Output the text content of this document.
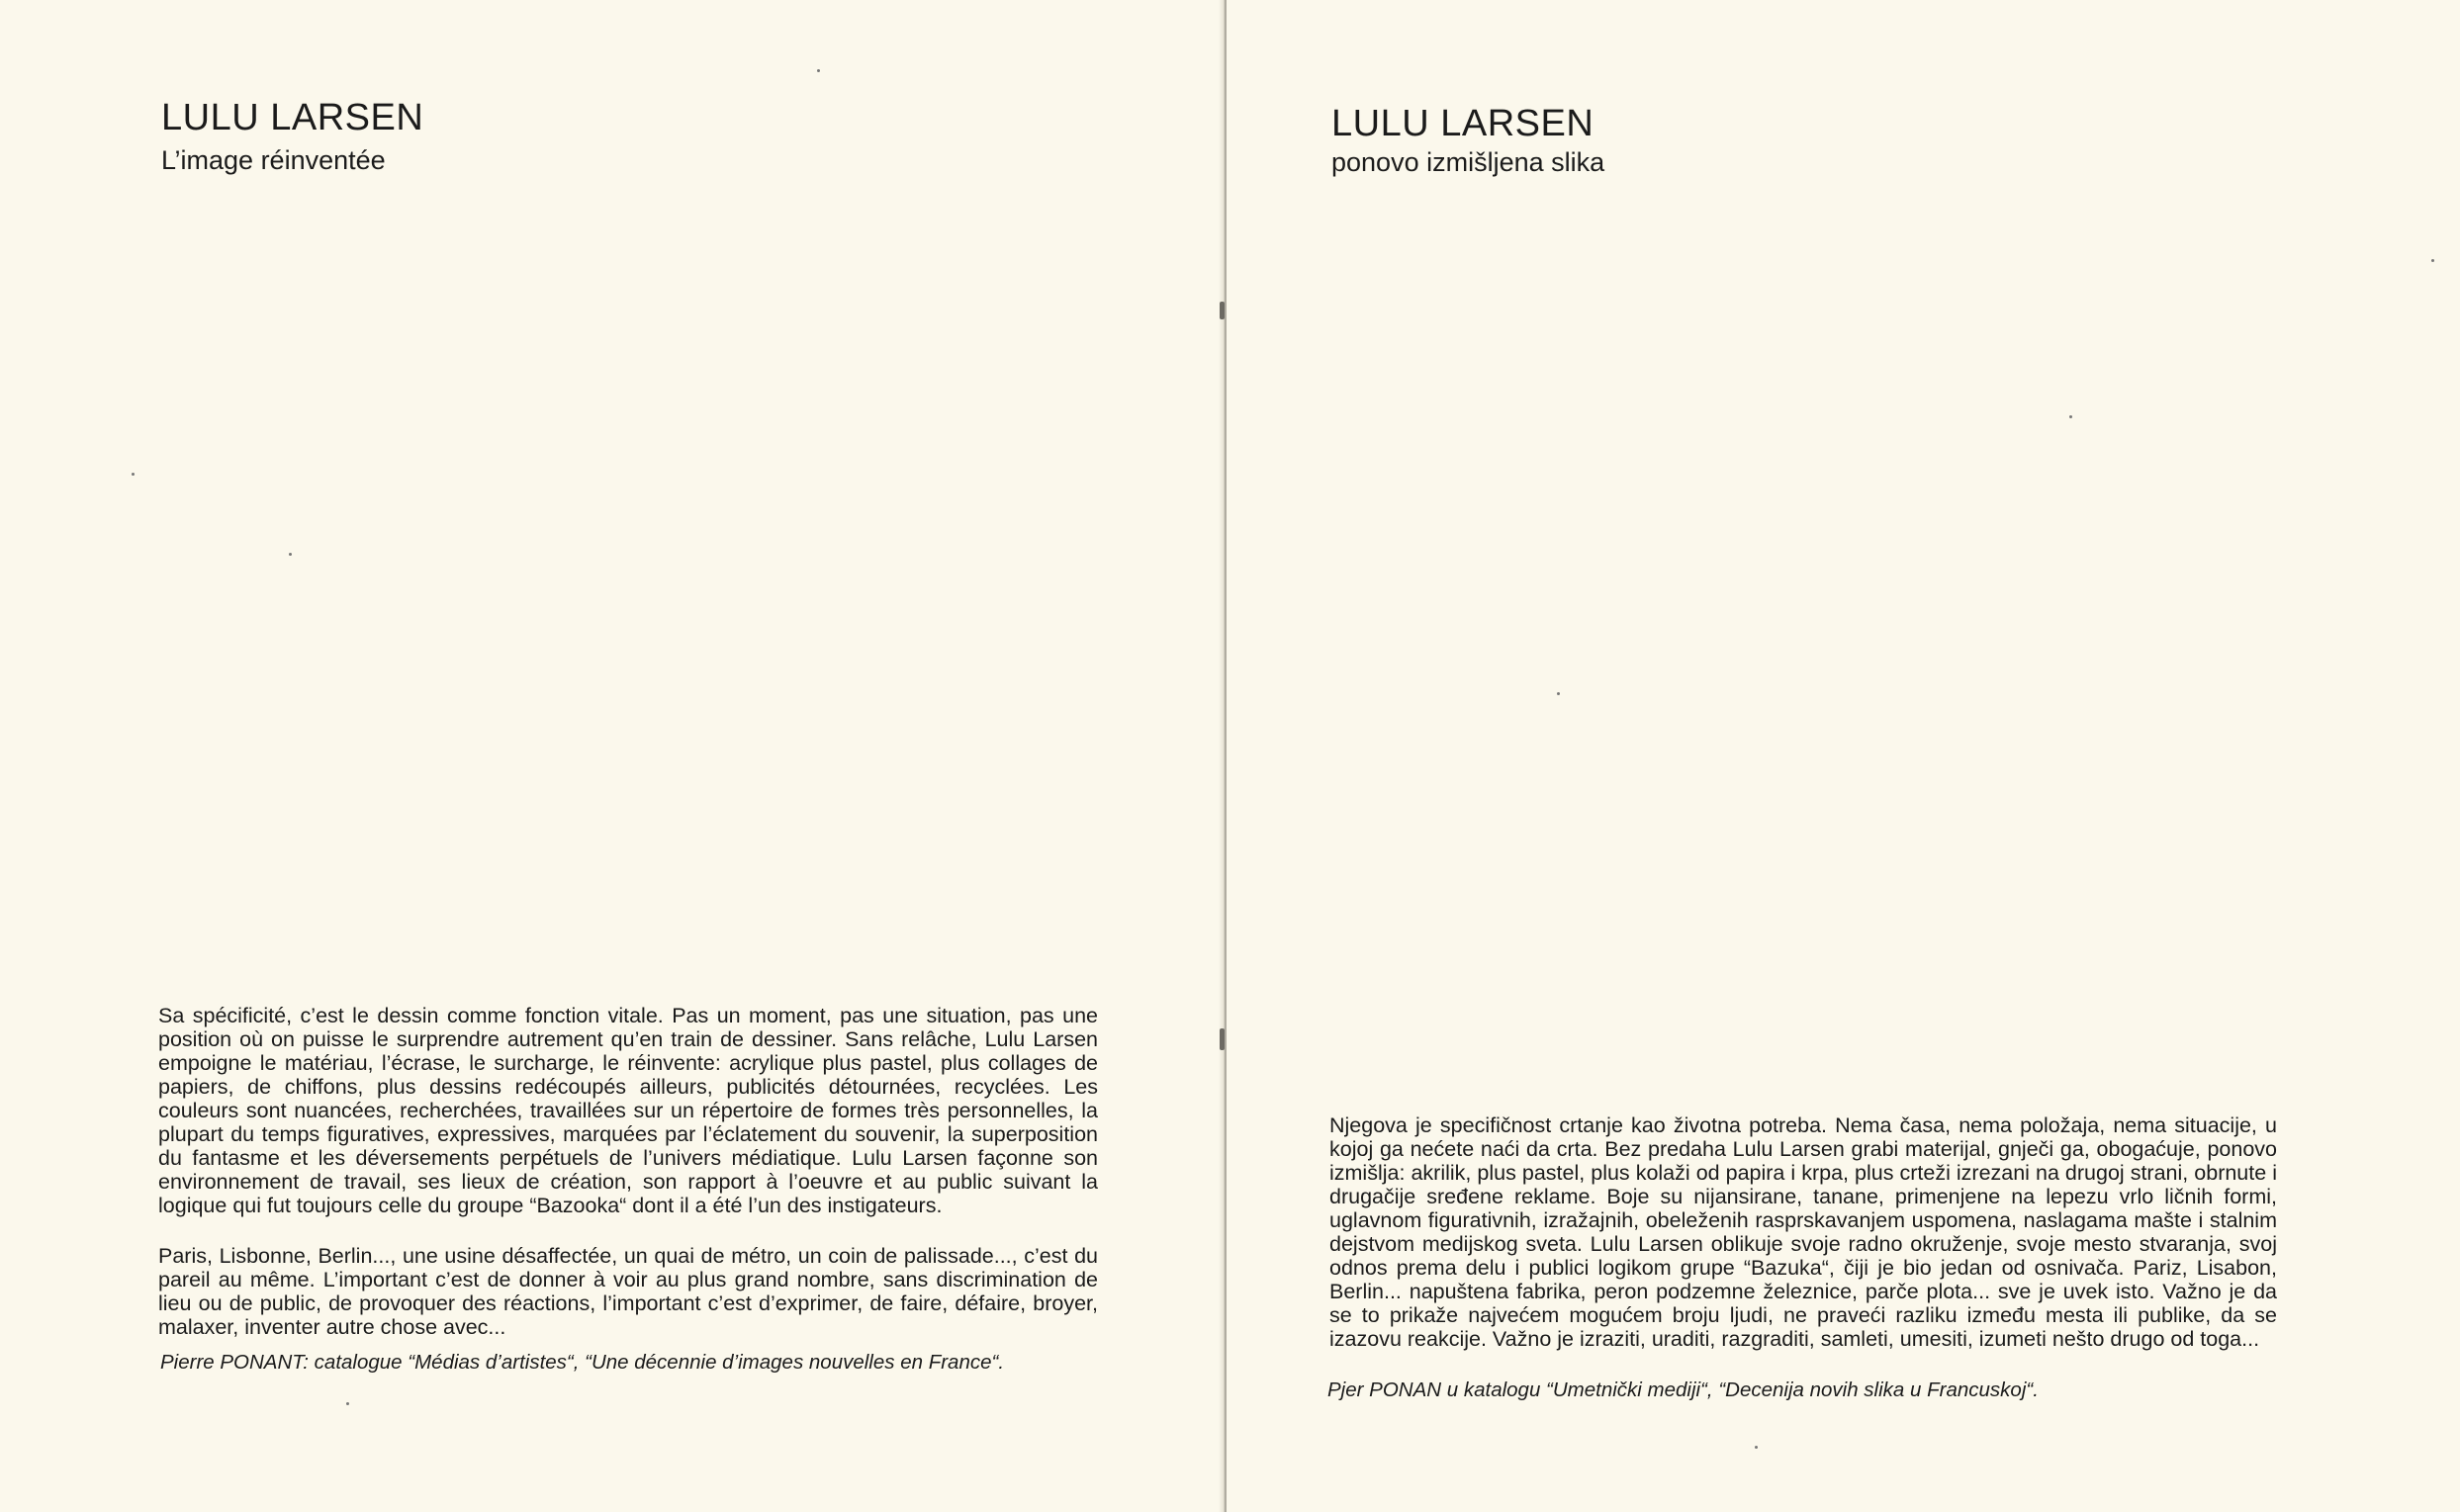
LULU LARSEN
L’image réinventée

Sa spécificité, c’est le dessin comme fonction vitale. Pas un moment, pas une situation, pas une position où on puisse le surprendre autrement qu’en train de dessiner. Sans relâche, Lulu Larsen empoigne le matériau, l’écrase, le surcharge, le réinvente: acrylique plus pastel, plus collages de papiers, de chiffons, plus dessins redécoupés ailleurs, publicités détournées, recyclées. Les couleurs sont nuancées, recherchées, travaillées sur un répertoire de formes très personnelles, la plupart du temps figuratives, expressives, marquées par l’éclatement du souvenir, la superposition du fantasme et les déversements perpétuels de l’univers médiatique. Lulu Larsen façonne son environnement de travail, ses lieux de création, son rapport à l’oeuvre et au public suivant la logique qui fut toujours celle du groupe “Bazooka“ dont il a été l’un des instigateurs.

Paris, Lisbonne, Berlin..., une usine désaffectée, un quai de métro, un coin de palissade..., c’est du pareil au même. L’important c’est de donner à voir au plus grand nombre, sans discrimination de lieu ou de public, de provoquer des réactions, l’important c’est d’exprimer, de faire, défaire, broyer, malaxer, inventer autre chose avec...

Pierre PONANT: catalogue “Médias d’artistes“, “Une décennie d’images nouvelles en France“.

LULU LARSEN
ponovo izmišljena slika

Njegova je specifičnost crtanje kao životna potreba. Nema časa, nema položaja, nema situacije, u kojoj ga nećete naći da crta. Bez predaha Lulu Larsen grabi materijal, gnječi ga, obogaćuje, ponovo izmišlja: akrilik, plus pastel, plus kolaži od papira i krpa, plus crteži izrezani na drugoj strani, obrnute i drugačije sređene reklame. Boje su nijansirane, tanane, primenjene na lepezu vrlo ličnih formi, uglavnom figurativnih, izražajnih, obeleženih rasprskavanjem uspomena, naslagama mašte i stalnim dejstvom medijskog sveta. Lulu Larsen oblikuje svoje radno okruženje, svoje mesto stvaranja, svoj odnos prema delu i publici logikom grupe “Bazuka“, čiji je bio jedan od osnivača. Pariz, Lisabon, Berlin... napuštena fabrika, peron podzemne železnice, parče plota... sve je uvek isto. Važno je da se to prikaže najvećem mogućem broju ljudi, ne praveći razliku između mesta ili publike, da se izazovu reakcije. Važno je izraziti, uraditi, razgraditi, samleti, umesiti, izumeti nešto drugo od toga...

Pjer PONAN u katalogu “Umetnički mediji“, “Decenija novih slika u Francuskoj“.
